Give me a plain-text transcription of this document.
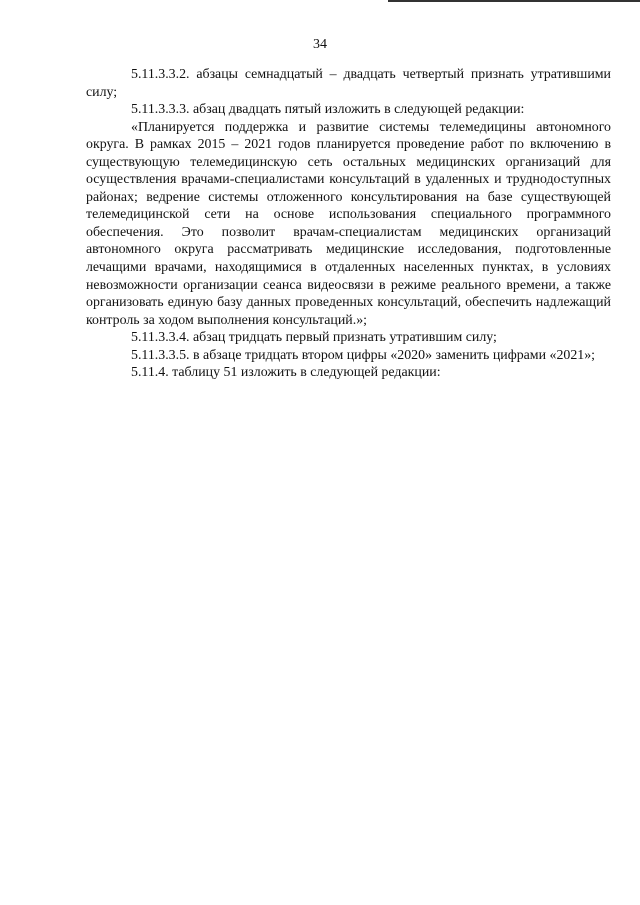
34

5.11.3.3.2. абзацы семнадцатый – двадцать четвертый признать утратившими силу;

5.11.3.3.3. абзац двадцать пятый изложить в следующей редакции:

«Планируется поддержка и развитие системы телемедицины автономного округа. В рамках 2015 – 2021 годов планируется проведение работ по включению в существующую телемедицинскую сеть остальных медицинских организаций для осуществления врачами-специалистами консультаций в удаленных и труднодоступных районах; ведрение системы отложенного консультирования на базе существующей телемедицинской сети на основе использования специального программного обеспечения. Это позволит врачам-специалистам медицинских организаций автономного округа рассматривать медицинские исследования, подготовленные лечащими врачами, находящимися в отдаленных населенных пунктах, в условиях невозможности организации сеанса видеосвязи в режиме реального времени, а также организовать единую базу данных проведенных консультаций, обеспечить надлежащий контроль за ходом выполнения консультаций.»;

5.11.3.3.4. абзац тридцать первый признать утратившим силу;

5.11.3.3.5. в абзаце тридцать втором цифры «2020» заменить цифрами «2021»;

5.11.4. таблицу 51 изложить в следующей редакции:
